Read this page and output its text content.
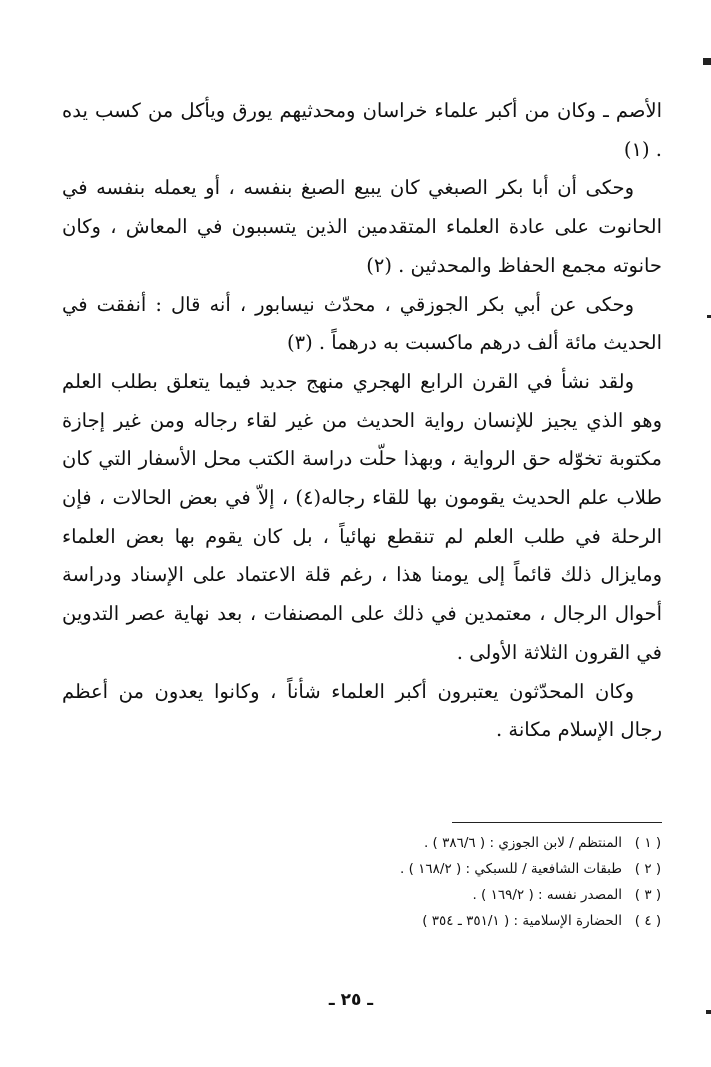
الأصم ـ وكان من أكبر علماء خراسان ومحدثيهم يورق ويأكل من كسب يده . (١)

وحكى أن أبا بكر الصبغي كان يبيع الصبغ بنفسه ، أو يعمله بنفسه في الحانوت على عادة العلماء المتقدمين الذين يتسببون في المعاش ، وكان حانوته مجمع الحفاظ والمحدثين . (٢)

وحكى عن أبي بكر الجوزقي ، محدّث نيسابور ، أنه قال : أنفقت في الحديث مائة ألف درهم ماكسبت به درهماً . (٣)

ولقد نشأ في القرن الرابع الهجري منهج جديد فيما يتعلق بطلب العلم وهو الذي يجيز للإنسان رواية الحديث من غير لقاء رجاله ومن غير إجازة مكتوبة تخوّله حق الرواية ، وبهذا حلّت دراسة الكتب محل الأسفار التي كان طلاب علم الحديث يقومون بها للقاء رجاله(٤) ، إلاّ في بعض الحالات ، فإن الرحلة في طلب العلم لم تنقطع نهائياً ، بل كان يقوم بها بعض العلماء ومايزال ذلك قائماً إلى يومنا هذا ، رغم قلة الاعتماد على الإسناد ودراسة أحوال الرجال ، معتمدين في ذلك على المصنفات ، بعد نهاية عصر التدوين في القرون الثلاثة الأولى .

وكان المحدّثون يعتبرون أكبر العلماء شأناً ، وكانوا يعدون من أعظم رجال الإسلام مكانة .

( ١ )المنتظم / لابن الجوزي : ( ٣٨٦/٦ ) .
( ٢ )طبقات الشافعية / للسبكي : ( ١٦٨/٢ ) .
( ٣ )المصدر نفسه : ( ١٦٩/٢ ) .
( ٤ )الحضارة الإسلامية : ( ٣٥١/١ ـ ٣٥٤ )
ـ ٢٥ ـ
